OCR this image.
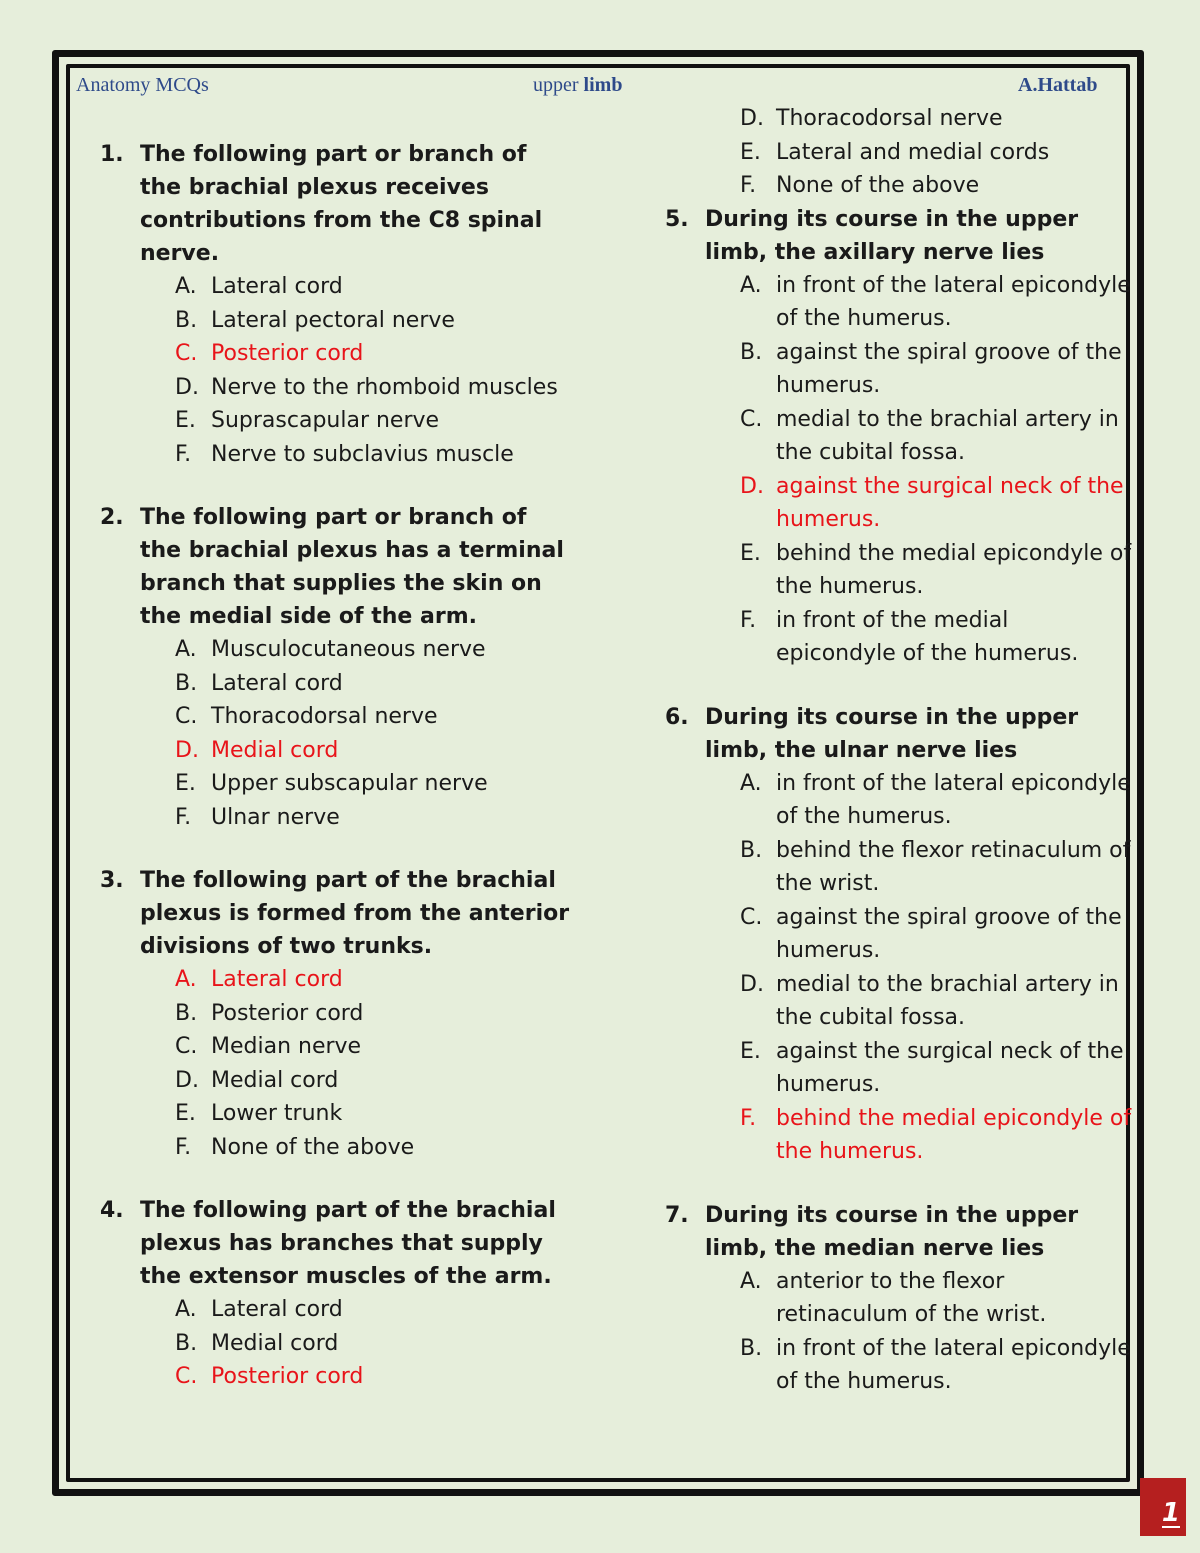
Anatomy MCQs	upper limb	A.Hattab
1. The following part or branch of the brachial plexus receives contributions from the C8 spinal nerve.
A. Lateral cord
B. Lateral pectoral nerve
C. Posterior cord
D. Nerve to the rhomboid muscles
E. Suprascapular nerve
F. Nerve to subclavius muscle
2. The following part or branch of the brachial plexus has a terminal branch that supplies the skin on the medial side of the arm.
A. Musculocutaneous nerve
B. Lateral cord
C. Thoracodorsal nerve
D. Medial cord
E. Upper subscapular nerve
F. Ulnar nerve
3. The following part of the brachial plexus is formed from the anterior divisions of two trunks.
A. Lateral cord
B. Posterior cord
C. Median nerve
D. Medial cord
E. Lower trunk
F. None of the above
4. The following part of the brachial plexus has branches that supply the extensor muscles of the arm.
A. Lateral cord
B. Medial cord
C. Posterior cord
D. Thoracodorsal nerve
E. Lateral and medial cords
F. None of the above
5. During its course in the upper limb, the axillary nerve lies
A. in front of the lateral epicondyle of the humerus.
B. against the spiral groove of the humerus.
C. medial to the brachial artery in the cubital fossa.
D. against the surgical neck of the humerus.
E. behind the medial epicondyle of the humerus.
F. in front of the medial epicondyle of the humerus.
6. During its course in the upper limb, the ulnar nerve lies
A. in front of the lateral epicondyle of the humerus.
B. behind the flexor retinaculum of the wrist.
C. against the spiral groove of the humerus.
D. medial to the brachial artery in the cubital fossa.
E. against the surgical neck of the humerus.
F. behind the medial epicondyle of the humerus.
7. During its course in the upper limb, the median nerve lies
A. anterior to the flexor retinaculum of the wrist.
B. in front of the lateral epicondyle of the humerus.
1
